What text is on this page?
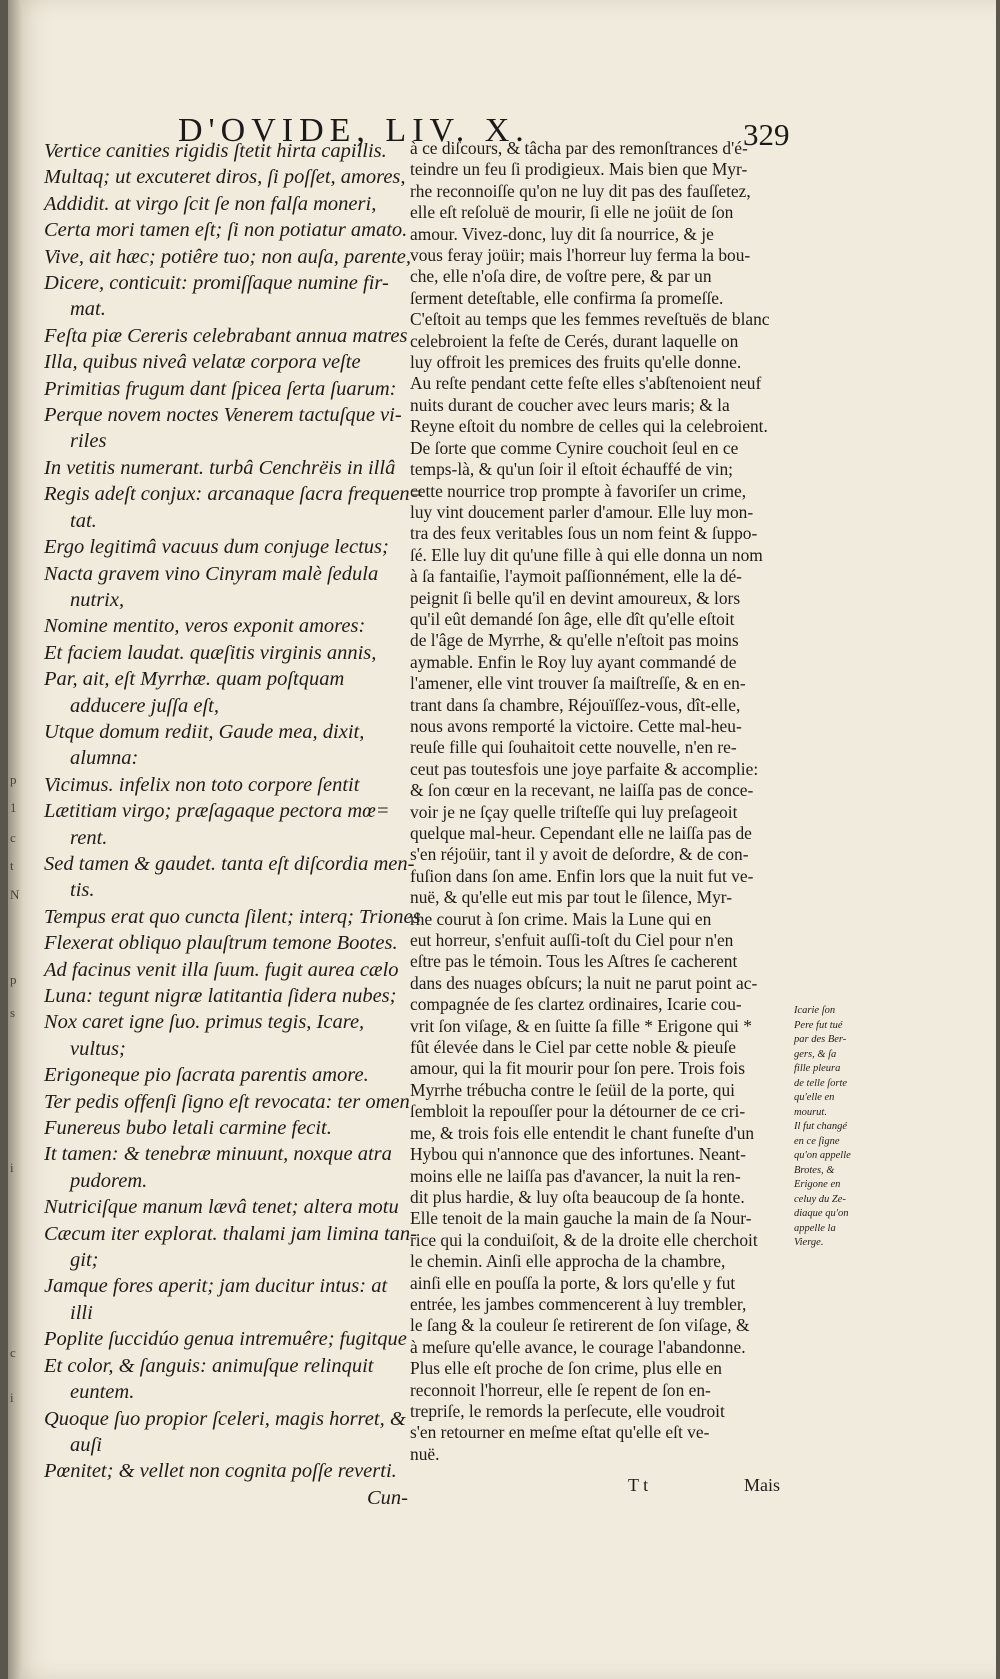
D'OVIDE, LIV. X.	329
Vertice canities rigidis ſtetit hirta capillis.
Multaq; ut excuteret diros, ſi poſſet, amores,
Addidit. at virgo ſcit ſe non falſa moneri,
Certa mori tamen eſt; ſi non potiatur amato.
Vive, ait hæc; potiêre tuo; non auſa, parente,
Dicere, conticuit: promiſſaque numine fir-
mat.
Feſta piæ Cereris celebrabant annua matres
Illa, quibus niveâ velatæ corpora veſte
Primitias frugum dant ſpicea ſerta ſuarum:
Perque novem noctes Venerem tactuſque vi-
riles
In vetitis numerant. turbâ Cenchrëis in illâ
Regis adeſt conjux: arcanaque ſacra frequen=
tat.
Ergo legitimâ vacuus dum conjuge lectus;
Nacta gravem vino Cinyram malè ſedula
nutrix,
Nomine mentito, veros exponit amores:
Et faciem laudat. quæſitis virginis annis,
Par, ait, eſt Myrrhæ. quam poſtquam
adducere juſſa eſt,
Utque domum rediit, Gaude mea, dixit,
alumna:
Vicimus. infelix non toto corpore ſentit
Lætitiam virgo; præſagaque pectora mœ=
rent.
Sed tamen & gaudet. tanta eſt diſcordia men-
tis.
Tempus erat quo cuncta ſilent; interq; Triones
Flexerat obliquo plauſtrum temone Bootes.
Ad facinus venit illa ſuum. fugit aurea cælo
Luna: tegunt nigræ latitantia ſidera nubes;
Nox caret igne ſuo. primus tegis, Icare,
vultus;
Erigoneque pio ſacrata parentis amore.
Ter pedis offenſi ſigno eſt revocata: ter omen
Funereus bubo letali carmine fecit.
It tamen: & tenebræ minuunt, noxque atra
pudorem.
Nutriciſque manum lævâ tenet; altera motu
Cæcum iter explorat. thalami jam limina tan-
git;
Jamque fores aperit; jam ducitur intus: at
illi
Poplite ſuccidúo genua intremuêre; fugitque
Et color, & ſanguis: animuſque relinquit
euntem.
Quoque ſuo propior ſceleri, magis horret, &
auſi
Pœnitet; & vellet non cognita poſſe reverti.
Cun-
à ce diſcours, & tâcha par des remonſtrances d'é-
teindre un feu ſi prodigieux. Mais bien que Myr-
rhe reconnoiſſe qu'on ne luy dit pas des fauſſetez,
elle eſt reſoluë de mourir, ſi elle ne joüit de ſon
amour. Vivez-donc, luy dit ſa nourrice, & je
vous feray joüir; mais l'horreur luy ferma la bou-
che, elle n'oſa dire, de voſtre pere, & par un
ſerment deteſtable, elle confirma ſa promeſſe.
C'eſtoit au temps que les femmes reveſtuës de blanc
celebroient la feſte de Cerés, durant laquelle on
luy offroit les premices des fruits qu'elle donne.
Au reſte pendant cette feſte elles s'abſtenoient neuf
nuits durant de coucher avec leurs maris; & la
Reyne eſtoit du nombre de celles qui la celebroient.
De ſorte que comme Cynire couchoit ſeul en ce
temps-là, & qu'un ſoir il eſtoit échauffé de vin;
cette nourrice trop prompte à favoriſer un crime,
luy vint doucement parler d'amour. Elle luy mon-
tra des feux veritables ſous un nom feint & ſuppo-
ſé. Elle luy dit qu'une fille à qui elle donna un nom
à ſa fantaiſie, l'aymoit paſſionnément, elle la dé-
peignit ſi belle qu'il en devint amoureux, & lors
qu'il eût demandé ſon âge, elle dît qu'elle eſtoit
de l'âge de Myrrhe, & qu'elle n'eſtoit pas moins
aymable. Enfin le Roy luy ayant commandé de
l'amener, elle vint trouver ſa maiſtreſſe, & en en-
trant dans ſa chambre, Réjouïſſez-vous, dît-elle,
nous avons remporté la victoire. Cette mal-heu-
reuſe fille qui ſouhaitoit cette nouvelle, n'en re-
ceut pas toutesfois une joye parfaite & accomplie:
& ſon cœur en la recevant, ne laiſſa pas de conce-
voir je ne ſçay quelle triſteſſe qui luy preſageoit
quelque mal-heur. Cependant elle ne laiſſa pas de
s'en réjoüir, tant il y avoit de deſordre, & de con-
fuſion dans ſon ame. Enfin lors que la nuit fut ve-
nuë, & qu'elle eut mis par tout le ſilence, Myr-
rhe courut à ſon crime. Mais la Lune qui en
eut horreur, s'enfuit auſſi-toſt du Ciel pour n'en
eſtre pas le témoin. Tous les Aſtres ſe cacherent
dans des nuages obſcurs; la nuit ne parut point ac-
compagnée de ſes clartez ordinaires, Icarie cou-
vrit ſon viſage, & en ſuitte ſa fille * Erigone qui *
fût élevée dans le Ciel par cette noble & pieuſe
amour, qui la fit mourir pour ſon pere. Trois fois
Myrrhe trébucha contre le ſeüil de la porte, qui
ſembloit la repouſſer pour la détourner de ce cri-
me, & trois fois elle entendit le chant funeſte d'un
Hybou qui n'annonce que des infortunes. Neant-
moins elle ne laiſſa pas d'avancer, la nuit la ren-
dit plus hardie, & luy oſta beaucoup de ſa honte.
Elle tenoit de la main gauche la main de ſa Nour-
rice qui la conduiſoit, & de la droite elle cherchoit
le chemin. Ainſi elle approcha de la chambre,
ainſi elle en pouſſa la porte, & lors qu'elle y fut
entrée, les jambes commencerent à luy trembler,
le ſang & la couleur ſe retirerent de ſon viſage, &
à meſure qu'elle avance, le courage l'abandonne.
Plus elle eſt proche de ſon crime, plus elle en
reconnoit l'horreur, elle ſe repent de ſon en-
trepriſe, le remords la perſecute, elle voudroit
s'en retourner en meſme eſtat qu'elle eſt ve-
nuë.
Icarie ſon
Pere fut tué
par des Ber-
gers, & ſa
fille pleura
de telle ſorte
qu'elle en
mourut.
Il fut changé
en ce ſigne
qu'on appelle
Brotes, &
Erigone en
celuy du Ze-
diaque qu'on
appelle la
Vierge.
T t	Mais
p
1
c
t
N
p
s
i
c
i
